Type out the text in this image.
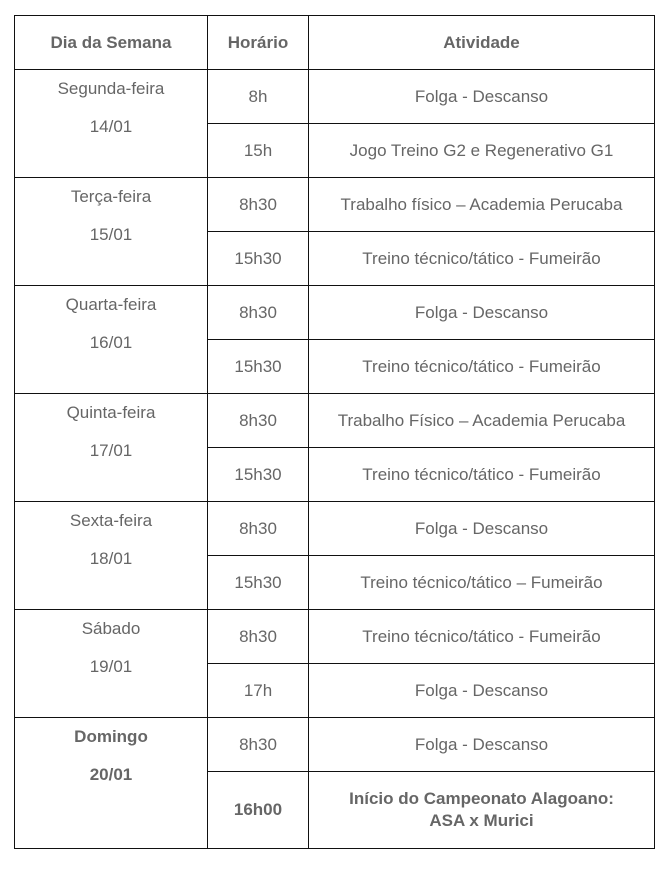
Dia da Semana	Horário	Atividade

Segunda-feira
14/01	8h	Folga - Descanso
	15h	Jogo Treino G2 e Regenerativo G1

Terça-feira
15/01	8h30	Trabalho físico – Academia Perucaba
	15h30	Treino técnico/tático - Fumeirão

Quarta-feira
16/01	8h30	Folga - Descanso
	15h30	Treino técnico/tático - Fumeirão

Quinta-feira
17/01	8h30	Trabalho Físico – Academia Perucaba
	15h30	Treino técnico/tático - Fumeirão

Sexta-feira
18/01	8h30	Folga - Descanso
	15h30	Treino técnico/tático – Fumeirão

Sábado
19/01	8h30	Treino técnico/tático - Fumeirão
	17h	Folga - Descanso

Domingo
20/01	8h30	Folga - Descanso
	16h00	Início do Campeonato Alagoano:
ASA x Murici
